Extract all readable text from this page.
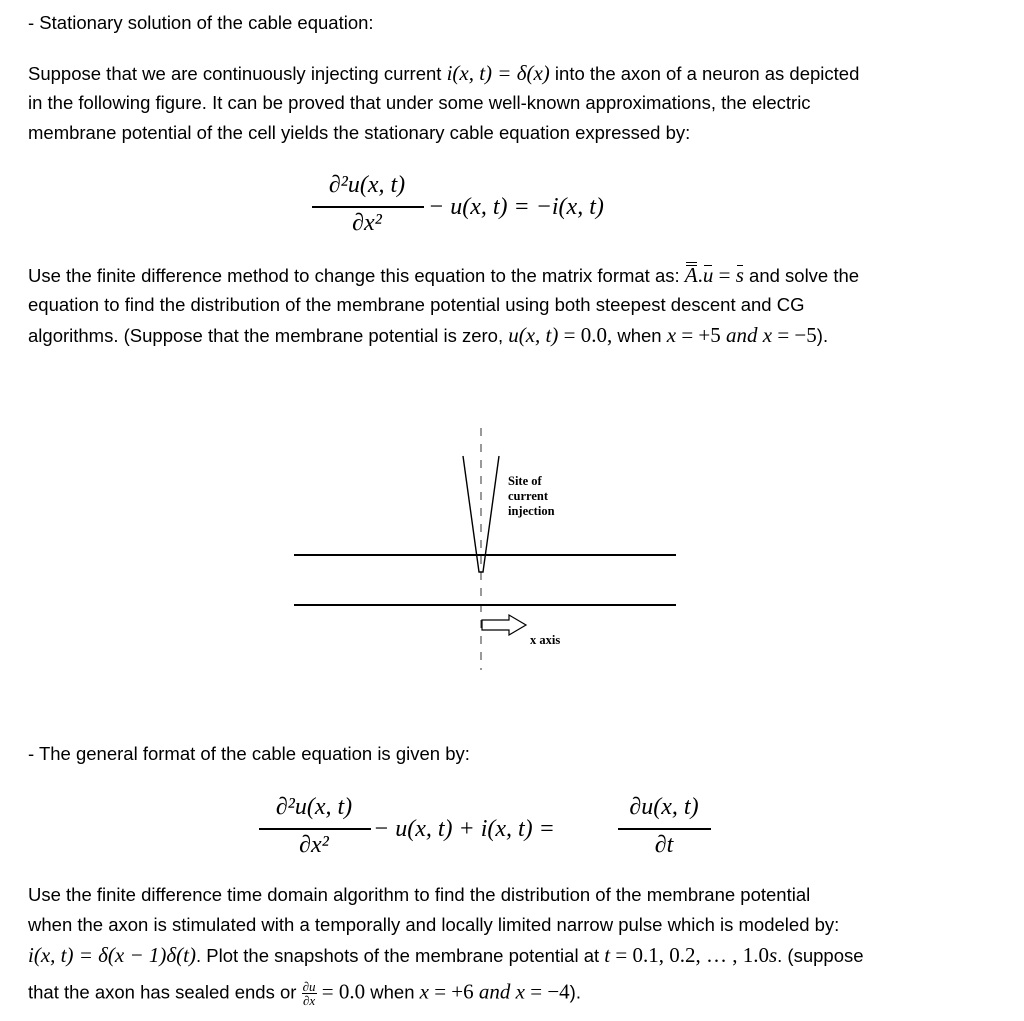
- Stationary solution of the cable equation:
Suppose that we are continuously injecting current i(x, t) = δ(x) into the axon of a neuron as depicted
in the following figure. It can be proved that under some well-known approximations, the electric
membrane potential of the cell yields the stationary cable equation expressed by:
∂²u(x, t)
∂x²
− u(x, t) = −i(x, t)
Use the finite difference method to change this equation to the matrix format as: A.u = s and solve the
equation to find the distribution of the membrane potential using both steepest descent and CG
algorithms. (Suppose that the membrane potential is zero, u(x, t) = 0.0, when x = +5 and x = −5).
Site of
current
injection
x axis
- The general format of the cable equation is given by:
∂²u(x, t)
∂x²
− u(x, t) + i(x, t) =
∂u(x, t)
∂t
Use the finite difference time domain algorithm to find the distribution of the membrane potential
when the axon is stimulated with a temporally and locally limited narrow pulse which is modeled by:
i(x, t) = δ(x − 1)δ(t). Plot the snapshots of the membrane potential at t = 0.1, 0.2, … , 1.0s. (suppose
that the axon has sealed ends or $\frac{\partial u}{\partial x} = 0.0$ when x = +6 and x = −4).
